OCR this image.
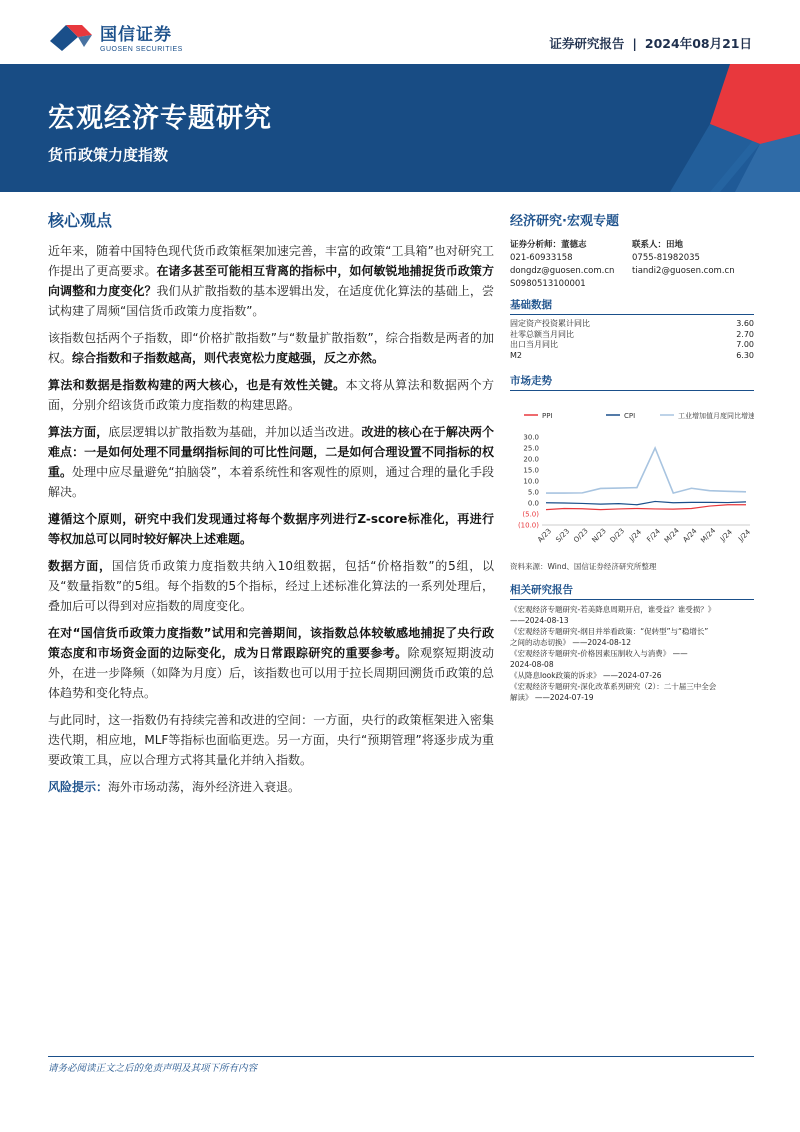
国信证券
GUOSEN SECURITIES	证券研究报告 | 2024年08月21日
宏观经济专题研究
货币政策力度指数
核心观点

近年来，随着中国特色现代货币政策框架加速完善，丰富的政策“工具箱”也对研究工作提出了更高要求。在诸多甚至可能相互背离的指标中，如何敏锐地捕捉货币政策方向调整和力度变化？我们从扩散指数的基本逻辑出发，在适度优化算法的基础上，尝试构建了周频“国信货币政策力度指数”。

该指数包括两个子指数，即“价格扩散指数”与“数量扩散指数”，综合指数是两者的加权。综合指数和子指数越高，则代表宽松力度越强，反之亦然。

算法和数据是指数构建的两大核心，也是有效性关键。本文将从算法和数据两个方面，分别介绍该货币政策力度指数的构建思路。

算法方面，底层逻辑以扩散指数为基础，并加以适当改进。改进的核心在于解决两个难点：一是如何处理不同量纲指标间的可比性问题，二是如何合理设置不同指标的权重。处理中应尽量避免“拍脑袋”，本着系统性和客观性的原则，通过合理的量化手段解决。

遵循这个原则，研究中我们发现通过将每个数据序列进行Z-score标准化，再进行等权加总可以同时较好解决上述难题。

数据方面，国信货币政策力度指数共纳入10组数据，包括“价格指数”的5组，以及“数量指数”的5组。每个指数的5个指标，经过上述标准化算法的一系列处理后，叠加后可以得到对应指数的周度变化。

在对“国信货币政策力度指数”试用和完善期间，该指数总体较敏感地捕捉了央行政策态度和市场资金面的边际变化，成为日常跟踪研究的重要参考。除观察短期波动外，在进一步降频（如降为月度）后，该指数也可以用于拉长周期回溯货币政策的总体趋势和变化特点。

与此同时，这一指数仍有持续完善和改进的空间：一方面，央行的政策框架进入密集迭代期，相应地，MLF等指标也面临更迭。另一方面，央行“预期管理”将逐步成为重要政策工具，应以合理方式将其量化并纳入指数。

风险提示：海外市场动荡，海外经济进入衰退。

经济研究·宏观专题
证券分析师：董德志
021-60933158
dongdz@guosen.com.cn
S0980513100001
联系人：田地
0755-81982035
tiandi2@guosen.com.cn
基础数据
固定资产投资累计同比	3.60
社零总额当月同比	2.70
出口当月同比	7.00
M2	6.30
市场走势
PPI	CPI	工业增加值月度同比增速
30.0
25.0
20.0
15.0
10.0
5.0
0.0
(5.0)
(10.0)
A/23 S/23 O/23 N/23 D/23 J/24 F/24 M/24 A/24 M/24 J/24 J/24
资料来源：Wind、国信证券经济研究所整理
相关研究报告
《宏观经济专题研究-若美降息周期开启，谁受益？谁受损？》
——2024-08-13
《宏观经济专题研究-纲目并举看政策：“促转型”与“稳增长”
之间的动态切换》 ——2024-08-12
《宏观经济专题研究-价格因素压制收入与消费》 ——
2024-08-08
《从降息look政策的诉求》 ——2024-07-26
《宏观经济专题研究-深化改革系列研究（2）：二十届三中全会
解读》 ——2024-07-19
请务必阅读正文之后的免责声明及其项下所有内容
